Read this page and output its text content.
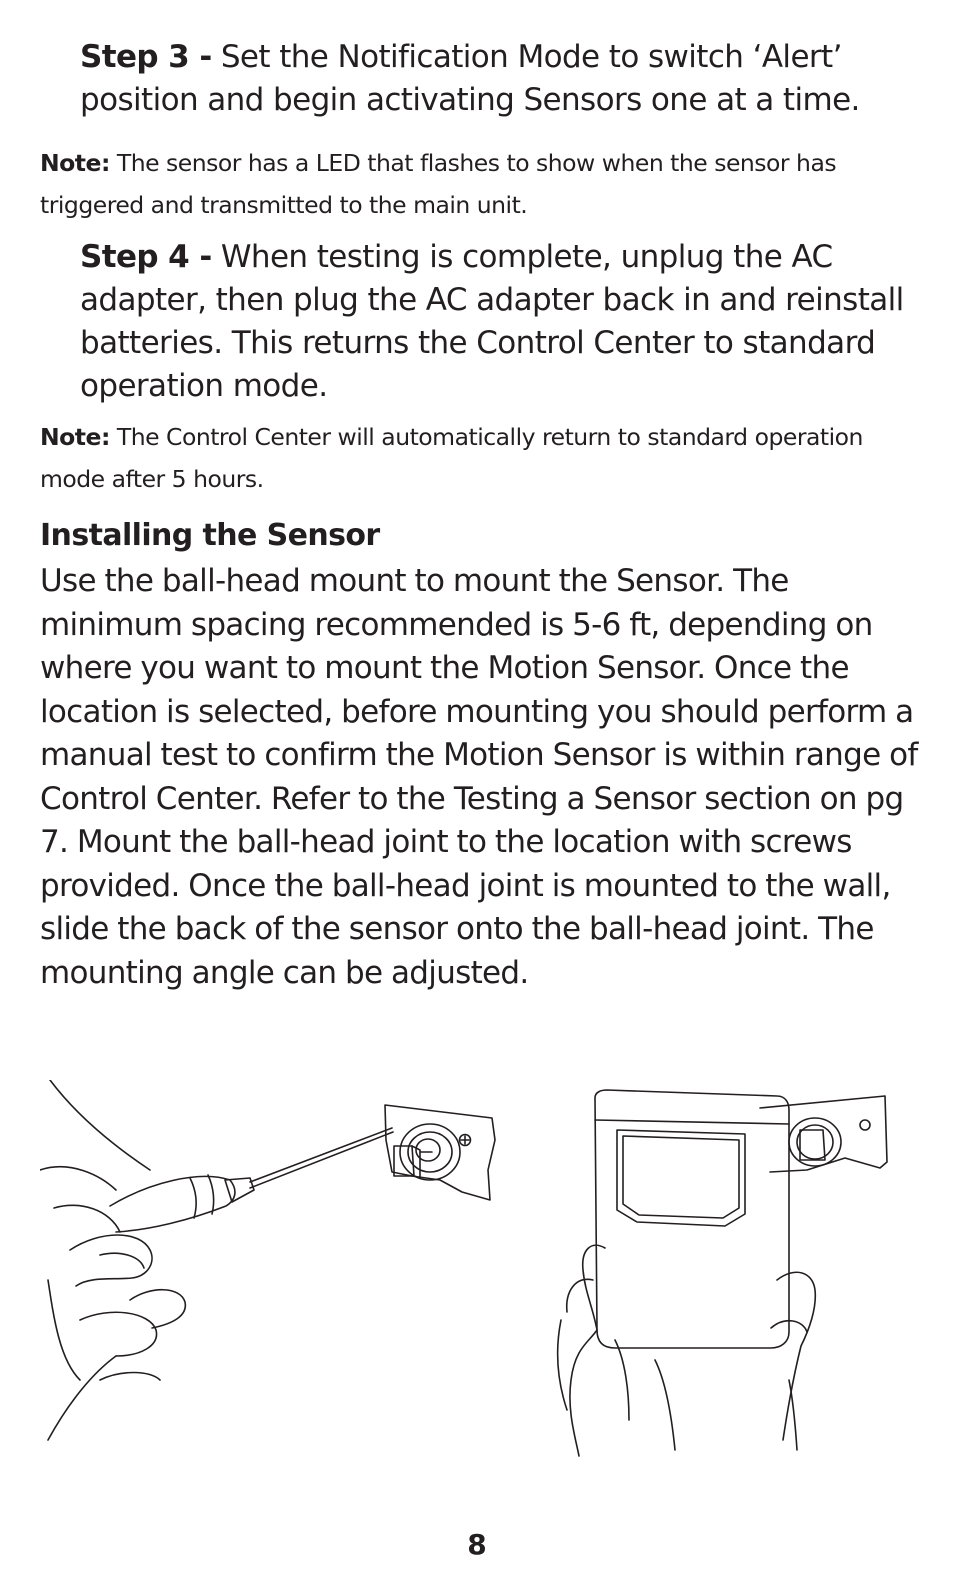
Step 3 - Set the Notification Mode to switch ‘Alert’ position and begin activating Sensors one at a time.

Note: The sensor has a LED that flashes to show when the sensor has triggered and transmitted to the main unit.

Step 4 - When testing is complete, unplug the AC adapter, then plug the AC adapter back in and reinstall batteries. This returns the Control Center to standard operation mode.

Note: The Control Center will automatically return to standard operation mode after 5 hours.

Installing the Sensor

Use the ball-head mount to mount the Sensor. The minimum spacing recommended is 5-6 ft, depending on where you want to mount the Motion Sensor. Once the location is selected, before mounting you should perform a manual test to confirm the Motion Sensor is within range of Control Center. Refer to the Testing a Sensor section on pg 7. Mount the ball-head joint to the location with screws provided. Once the ball-head joint is mounted to the wall, slide the back of the sensor onto the ball-head joint. The mounting angle can be adjusted.

8
